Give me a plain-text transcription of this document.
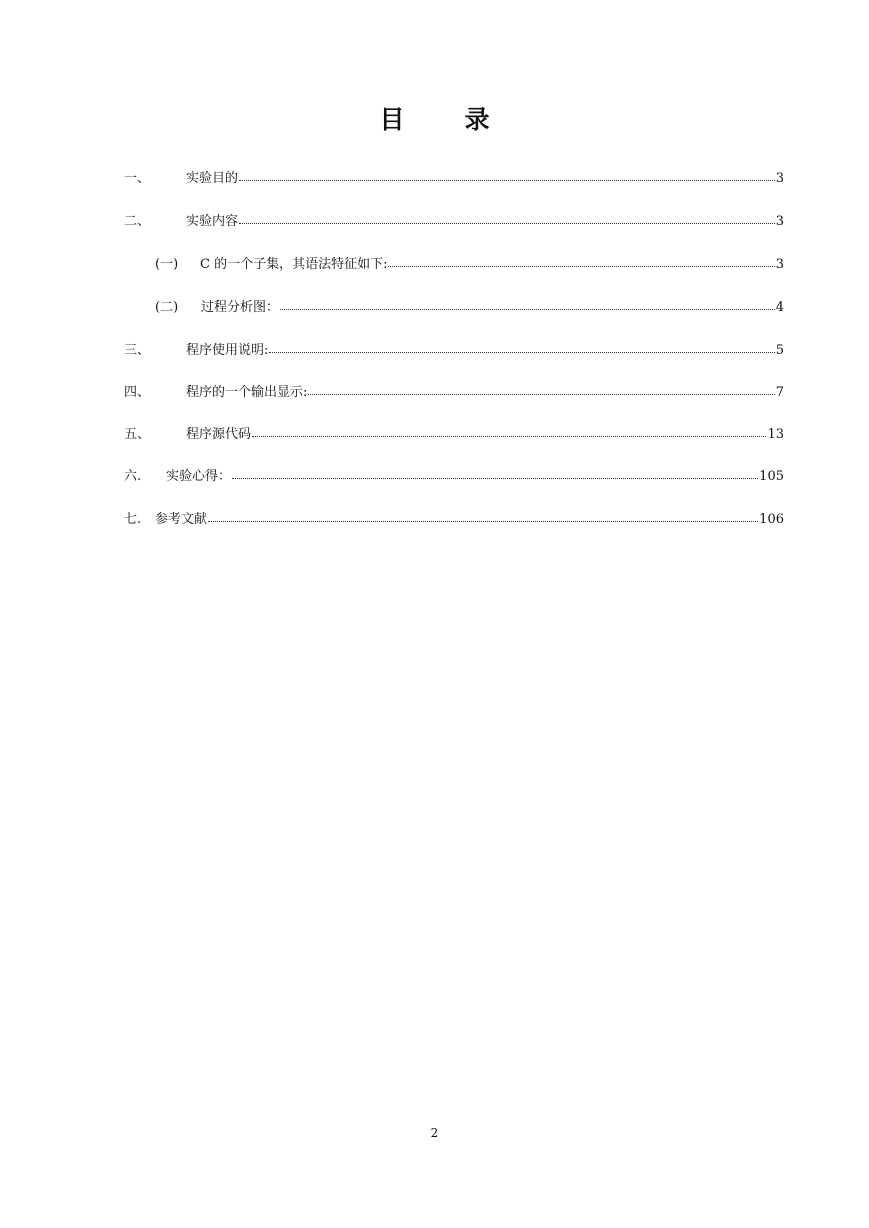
目 录
一、	实验目的	3
二、	实验内容	3
(一)	C 的一个子集，其语法特征如下:	3
(二)	过程分析图：	4
三、	程序使用说明:	5
四、	程序的一个输出显示:	7
五、	程序源代码	13
六.	实验心得：	105
七.	参考文献	106
2
